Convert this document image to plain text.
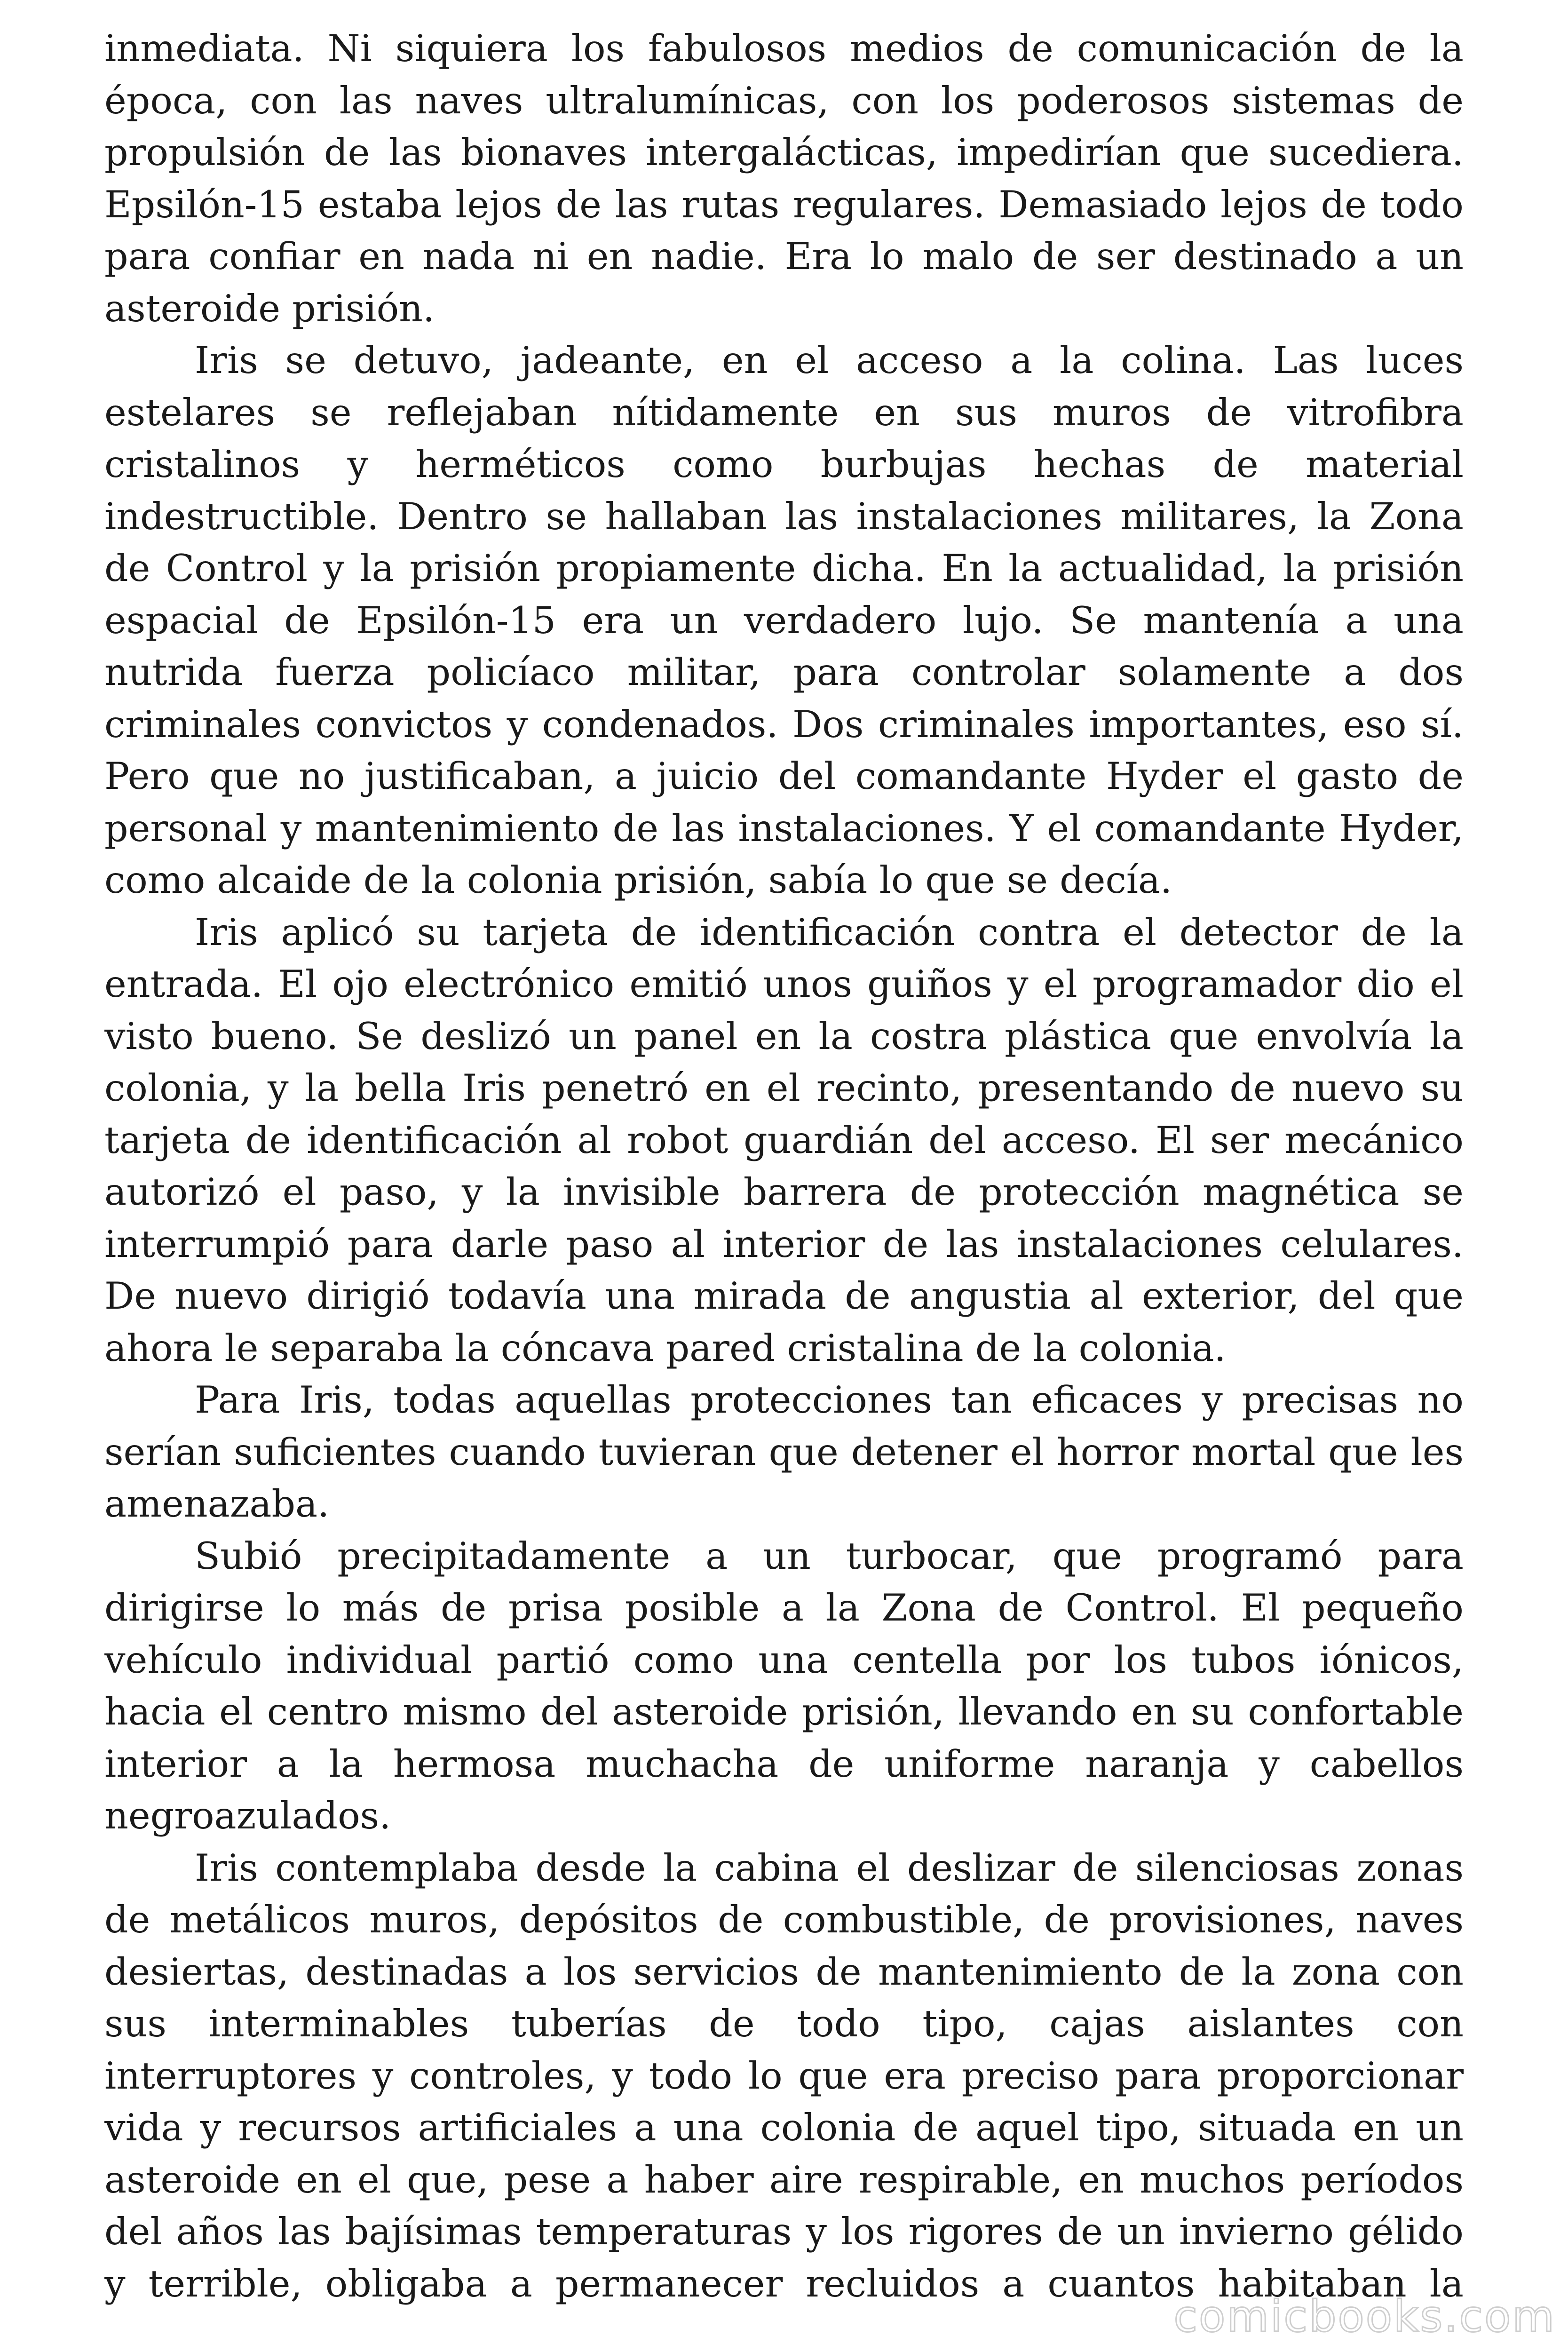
inmediata. Ni siquiera los fabulosos medios de comunicación de la época, con las naves ultralumínicas, con los poderosos sistemas de propulsión de las bionaves intergalácticas, impedirían que sucediera. Epsilón-15 estaba lejos de las rutas regulares. Demasiado lejos de todo para confiar en nada ni en nadie. Era lo malo de ser destinado a un asteroide prisión.

Iris se detuvo, jadeante, en el acceso a la colina. Las luces estelares se reflejaban nítidamente en sus muros de vitrofibra cristalinos y herméticos como burbujas hechas de material indestructible. Dentro se hallaban las instalaciones militares, la Zona de Control y la prisión propiamente dicha. En la actualidad, la prisión espacial de Epsilón-15 era un verdadero lujo. Se mantenía a una nutrida fuerza policíaco militar, para controlar solamente a dos criminales convictos y condenados. Dos criminales importantes, eso sí. Pero que no justificaban, a juicio del comandante Hyder el gasto de personal y mantenimiento de las instalaciones. Y el comandante Hyder, como alcaide de la colonia prisión, sabía lo que se decía.

Iris aplicó su tarjeta de identificación contra el detector de la entrada. El ojo electrónico emitió unos guiños y el programador dio el visto bueno. Se deslizó un panel en la costra plástica que envolvía la colonia, y la bella Iris penetró en el recinto, presentando de nuevo su tarjeta de identificación al robot guardián del acceso. El ser mecánico autorizó el paso, y la invisible barrera de protección magnética se interrumpió para darle paso al interior de las instalaciones celulares. De nuevo dirigió todavía una mirada de angustia al exterior, del que ahora le separaba la cóncava pared cristalina de la colonia.

Para Iris, todas aquellas protecciones tan eficaces y precisas no serían suficientes cuando tuvieran que detener el horror mortal que les amenazaba.

Subió precipitadamente a un turbocar, que programó para dirigirse lo más de prisa posible a la Zona de Control. El pequeño vehículo individual partió como una centella por los tubos iónicos, hacia el centro mismo del asteroide prisión, llevando en su confortable interior a la hermosa muchacha de uniforme naranja y cabellos negroazulados.

Iris contemplaba desde la cabina el deslizar de silenciosas zonas de metálicos muros, depósitos de combustible, de provisiones, naves desiertas, destinadas a los servicios de mantenimiento de la zona con sus interminables tuberías de todo tipo, cajas aislantes con interruptores y controles, y todo lo que era preciso para proporcionar vida y recursos artificiales a una colonia de aquel tipo, situada en un asteroide en el que, pese a haber aire respirable, en muchos períodos del años las bajísimas temperaturas y los rigores de un invierno gélido y terrible, obligaba a permanecer recluidos a cuantos habitaban la

comicbooks.com
